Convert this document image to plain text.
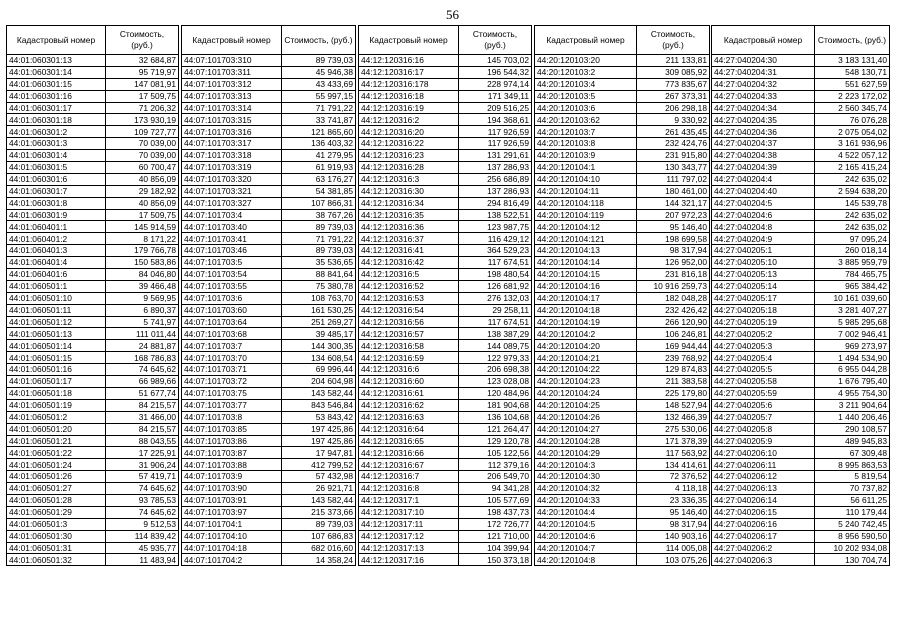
56
Кадастровый номер	Стоимость, (руб.)
44:01:060301:13	32 684,87
44:01:060301:14	95 719,97
44:01:060301:15	147 081,91
44:01:060301:16	17 509,75
44:01:060301:17	71 206,32
44:01:060301:18	173 930,19
44:01:060301:2	109 727,77
44:01:060301:3	70 039,00
44:01:060301:4	70 039,00
44:01:060301:5	60 700,47
44:01:060301:6	40 856,09
44:01:060301:7	29 182,92
44:01:060301:8	40 856,09
44:01:060301:9	17 509,75
44:01:060401:1	145 914,59
44:01:060401:2	8 171,22
44:01:060401:3	179 766,78
44:01:060401:4	150 583,86
44:01:060401:6	84 046,80
44:01:060501:1	39 466,48
44:01:060501:10	9 569,95
44:01:060501:11	6 890,37
44:01:060501:12	5 741,97
44:01:060501:13	111 011,44
44:01:060501:14	24 881,87
44:01:060501:15	168 786,83
44:01:060501:16	74 645,62
44:01:060501:17	66 989,66
44:01:060501:18	51 677,74
44:01:060501:19	84 215,57
44:01:060501:2	31 466,00
44:01:060501:20	84 215,57
44:01:060501:21	88 043,55
44:01:060501:22	17 225,91
44:01:060501:24	31 906,24
44:01:060501:26	57 419,71
44:01:060501:27	74 645,62
44:01:060501:28	93 785,53
44:01:060501:29	74 645,62
44:01:060501:3	9 512,53
44:01:060501:30	114 839,42
44:01:060501:31	45 935,77
44:01:060501:32	11 483,94
Кадастровый номер	Стоимость, (руб.)
44:07:101703:310	89 739,03
44:07:101703:311	45 946,38
44:07:101703:312	43 433,69
44:07:101703:313	55 997,15
44:07:101703:314	71 791,22
44:07:101703:315	33 741,87
44:07:101703:316	121 865,60
44:07:101703:317	136 403,32
44:07:101703:318	41 279,95
44:07:101703:319	61 919,93
44:07:101703:320	63 176,27
44:07:101703:321	54 381,85
44:07:101703:327	107 866,31
44:07:101703:4	38 767,26
44:07:101703:40	89 739,03
44:07:101703:41	71 791,22
44:07:101703:46	89 739,03
44:07:101703:5	35 536,65
44:07:101703:54	88 841,64
44:07:101703:55	75 380,78
44:07:101703:6	108 763,70
44:07:101703:60	161 530,25
44:07:101703:64	251 269,27
44:07:101703:68	39 485,17
44:07:101703:7	144 300,35
44:07:101703:70	134 608,54
44:07:101703:71	69 996,44
44:07:101703:72	204 604,98
44:07:101703:75	143 582,44
44:07:101703:77	843 546,84
44:07:101703:8	53 843,42
44:07:101703:85	197 425,86
44:07:101703:86	197 425,86
44:07:101703:87	17 947,81
44:07:101703:88	412 799,52
44:07:101703:9	57 432,98
44:07:101703:90	26 921,71
44:07:101703:91	143 582,44
44:07:101703:97	215 373,66
44:07:101704:1	89 739,03
44:07:101704:10	107 686,83
44:07:101704:18	682 016,60
44:07:101704:2	14 358,24
Кадастровый номер	Стоимость, (руб.)
44:12:120316:16	145 703,02
44:12:120316:17	196 544,32
44:12:120316:178	228 974,14
44:12:120316:18	171 349,11
44:12:120316:19	209 516,25
44:12:120316:2	194 368,61
44:12:120316:20	117 926,59
44:12:120316:22	117 926,59
44:12:120316:23	131 291,61
44:12:120316:28	137 286,93
44:12:120316:3	256 686,89
44:12:120316:30	137 286,93
44:12:120316:34	294 816,49
44:12:120316:35	138 522,51
44:12:120316:36	123 987,75
44:12:120316:37	116 429,12
44:12:120316:41	364 529,23
44:12:120316:42	117 674,51
44:12:120316:5	198 480,54
44:12:120316:52	126 681,92
44:12:120316:53	276 132,03
44:12:120316:54	29 258,11
44:12:120316:56	117 674,51
44:12:120316:57	138 387,29
44:12:120316:58	144 089,75
44:12:120316:59	122 979,33
44:12:120316:6	206 698,38
44:12:120316:60	123 028,08
44:12:120316:61	120 484,96
44:12:120316:62	181 904,68
44:12:120316:63	136 104,68
44:12:120316:64	121 264,47
44:12:120316:65	129 120,78
44:12:120316:66	105 122,56
44:12:120316:67	112 379,16
44:12:120316:7	206 549,70
44:12:120316:8	94 341,28
44:12:120317:1	105 577,69
44:12:120317:10	198 437,73
44:12:120317:11	172 726,77
44:12:120317:12	121 710,00
44:12:120317:13	104 399,94
44:12:120317:16	150 373,18
Кадастровый номер	Стоимость, (руб.)
44:20:120103:20	211 133,81
44:20:120103:2	309 085,92
44:20:120103:4	773 835,67
44:20:120103:5	267 373,31
44:20:120103:6	206 298,18
44:20:120103:62	9 330,92
44:20:120103:7	261 435,45
44:20:120103:8	232 424,76
44:20:120103:9	231 915,80
44:20:120104:1	130 343,77
44:20:120104:10	111 797,02
44:20:120104:11	180 461,00
44:20:120104:118	144 321,17
44:20:120104:119	207 972,23
44:20:120104:12	95 146,40
44:20:120104:121	198 699,58
44:20:120104:13	98 317,94
44:20:120104:14	126 952,00
44:20:120104:15	231 816,18
44:20:120104:16	10 916 259,73
44:20:120104:17	182 048,28
44:20:120104:18	232 426,42
44:20:120104:19	266 120,90
44:20:120104:2	106 246,81
44:20:120104:20	169 944,44
44:20:120104:21	239 768,92
44:20:120104:22	129 874,83
44:20:120104:23	211 383,58
44:20:120104:24	225 179,80
44:20:120104:25	148 527,94
44:20:120104:26	132 466,39
44:20:120104:27	275 530,06
44:20:120104:28	171 378,39
44:20:120104:29	117 563,92
44:20:120104:3	134 414,61
44:20:120104:30	72 376,52
44:20:120104:32	4 118,18
44:20:120104:33	23 336,35
44:20:120104:4	95 146,40
44:20:120104:5	98 317,94
44:20:120104:6	140 903,16
44:20:120104:7	114 005,08
44:20:120104:8	103 075,26
Кадастровый номер	Стоимость, (руб.)
44:27:040204:30	3 183 131,40
44:27:040204:31	548 130,71
44:27:040204:32	551 627,59
44:27:040204:33	2 223 172,02
44:27:040204:34	2 560 345,74
44:27:040204:35	76 076,28
44:27:040204:36	2 075 054,02
44:27:040204:37	3 161 936,96
44:27:040204:38	4 522 057,12
44:27:040204:39	2 165 415,24
44:27:040204:4	242 635,02
44:27:040204:40	2 594 638,20
44:27:040204:5	145 539,78
44:27:040204:6	242 635,02
44:27:040204:8	242 635,02
44:27:040204:9	97 095,24
44:27:040205:1	260 018,14
44:27:040205:10	3 885 959,79
44:27:040205:13	784 465,75
44:27:040205:14	965 384,42
44:27:040205:17	10 161 039,60
44:27:040205:18	3 281 407,27
44:27:040205:19	5 985 295,68
44:27:040205:2	7 002 946,41
44:27:040205:3	969 273,97
44:27:040205:4	1 494 534,90
44:27:040205:5	6 955 044,28
44:27:040205:58	1 676 795,40
44:27:040205:59	4 955 754,30
44:27:040205:6	3 211 904,64
44:27:040205:7	1 440 206,46
44:27:040205:8	290 108,57
44:27:040205:9	489 945,83
44:27:040206:10	67 309,48
44:27:040206:11	8 995 863,53
44:27:040206:12	5 819,54
44:27:040206:13	70 737,82
44:27:040206:14	56 611,25
44:27:040206:15	110 179,44
44:27:040206:16	5 240 742,45
44:27:040206:17	8 956 590,50
44:27:040206:2	10 202 934,08
44:27:040206:3	130 704,74
